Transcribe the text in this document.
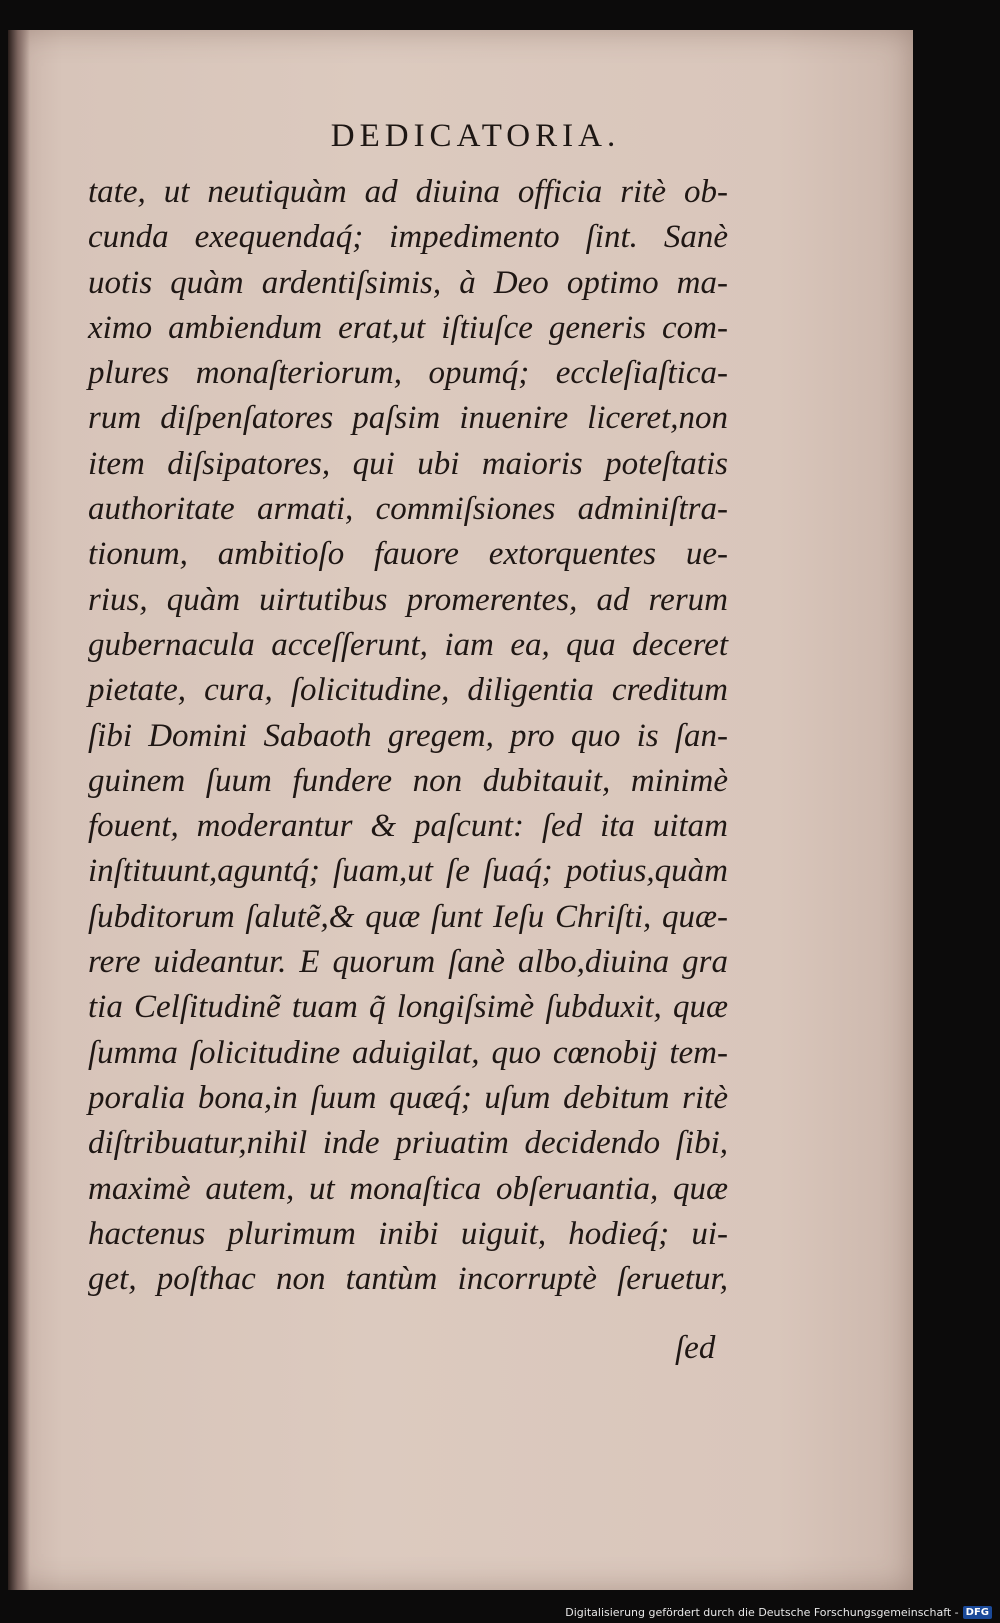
DEDICATORIA.
tate, ut neutiquàm ad diuina officia ritè ob-
cunda exequendaq́; impedimento ſint. Sanè
uotis quàm ardentiſsimis, à Deo optimo ma-
ximo ambiendum erat,ut iſtiuſce generis com-
plures monaſteriorum, opumq́; eccleſiaſtica-
rum diſpenſatores paſsim inuenire liceret,non
item diſsipatores, qui ubi maioris poteſtatis
authoritate armati, commiſsiones adminiſtra-
tionum, ambitioſo fauore extorquentes ue-
rius, quàm uirtutibus promerentes, ad rerum
gubernacula acceſſerunt, iam ea, qua deceret
pietate, cura, ſolicitudine, diligentia creditum
ſibi Domini Sabaoth gregem, pro quo is ſan-
guinem ſuum fundere non dubitauit, minimè
fouent, moderantur & paſcunt: ſed ita uitam
inſtituunt,aguntq́; ſuam,ut ſe ſuaq́; potius,quàm
ſubditorum ſalutẽ,& quæ ſunt Ieſu Chriſti, quæ-
rere uideantur. E quorum ſanè albo,diuina gra
tia Celſitudinẽ tuam q̃ longiſsimè ſubduxit, quæ
ſumma ſolicitudine aduigilat, quo cœnobij tem-
poralia bona,in ſuum quæq́; uſum debitum ritè
diſtribuatur,nihil inde priuatim decidendo ſibi,
maximè autem, ut monaſtica obſeruantia, quæ
hactenus plurimum inibi uiguit, hodieq́; ui-
get, poſthac non tantùm incorruptè ſeruetur,
ſed
Digitalisierung gefördert durch die Deutsche Forschungsgemeinschaft - DFG
